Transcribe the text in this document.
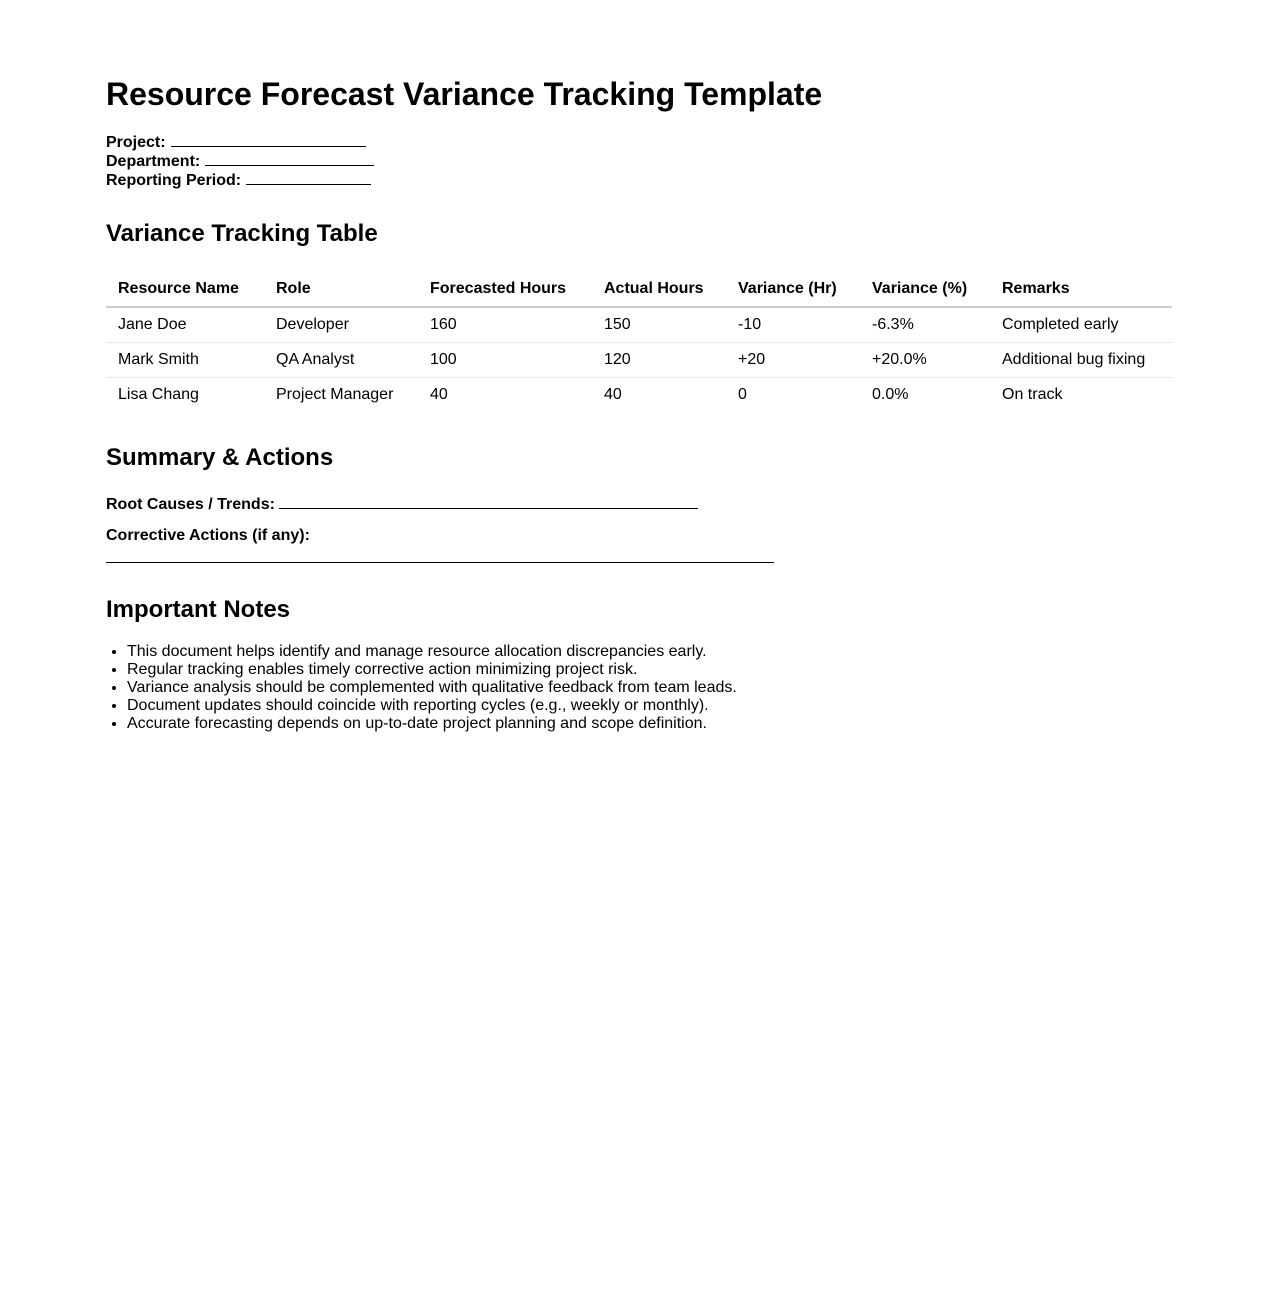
Resource Forecast Variance Tracking Template
Project:
Department:
Reporting Period:
Variance Tracking Table
Resource Name	Role	Forecasted Hours	Actual Hours	Variance (Hr)	Variance (%)	Remarks
Jane Doe	Developer	160	150	-10	-6.3%	Completed early
Mark Smith	QA Analyst	100	120	+20	+20.0%	Additional bug fixing
Lisa Chang	Project Manager	40	40	0	0.0%	On track
Summary & Actions
Root Causes / Trends:
Corrective Actions (if any):
Important Notes
• This document helps identify and manage resource allocation discrepancies early.
• Regular tracking enables timely corrective action minimizing project risk.
• Variance analysis should be complemented with qualitative feedback from team leads.
• Document updates should coincide with reporting cycles (e.g., weekly or monthly).
• Accurate forecasting depends on up-to-date project planning and scope definition.
